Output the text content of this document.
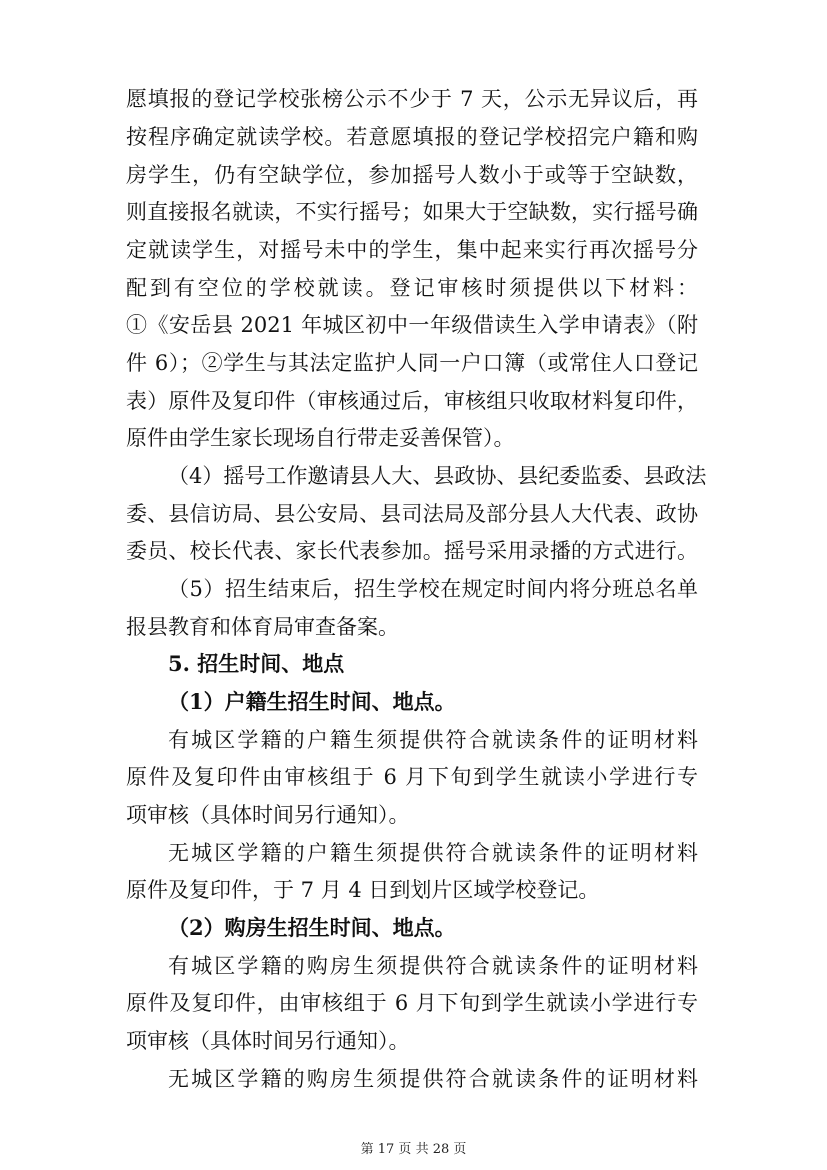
愿填报的登记学校张榜公示不少于 7 天，公示无异议后，再
按程序确定就读学校。若意愿填报的登记学校招完户籍和购
房学生，仍有空缺学位，参加摇号人数小于或等于空缺数，
则直接报名就读，不实行摇号；如果大于空缺数，实行摇号确
定就读学生，对摇号未中的学生，集中起来实行再次摇号分
配到有空位的学校就读。登记审核时须提供以下材料：
①《安岳县 2021 年城区初中一年级借读生入学申请表》（附
件 6）；②学生与其法定监护人同一户口簿（或常住人口登记
表）原件及复印件（审核通过后，审核组只收取材料复印件，
原件由学生家长现场自行带走妥善保管）。
（4）摇号工作邀请县人大、县政协、县纪委监委、县政法
委、县信访局、县公安局、县司法局及部分县人大代表、政协
委员、校长代表、家长代表参加。摇号采用录播的方式进行。
（5）招生结束后，招生学校在规定时间内将分班总名单
报县教育和体育局审查备案。
5. 招生时间、地点
（1）户籍生招生时间、地点。
有城区学籍的户籍生须提供符合就读条件的证明材料
原件及复印件由审核组于 6 月下旬到学生就读小学进行专
项审核（具体时间另行通知）。
无城区学籍的户籍生须提供符合就读条件的证明材料
原件及复印件，于 7 月 4 日到划片区域学校登记。
（2）购房生招生时间、地点。
有城区学籍的购房生须提供符合就读条件的证明材料
原件及复印件，由审核组于 6 月下旬到学生就读小学进行专
项审核（具体时间另行通知）。
无城区学籍的购房生须提供符合就读条件的证明材料
第 17 页 共 28 页
